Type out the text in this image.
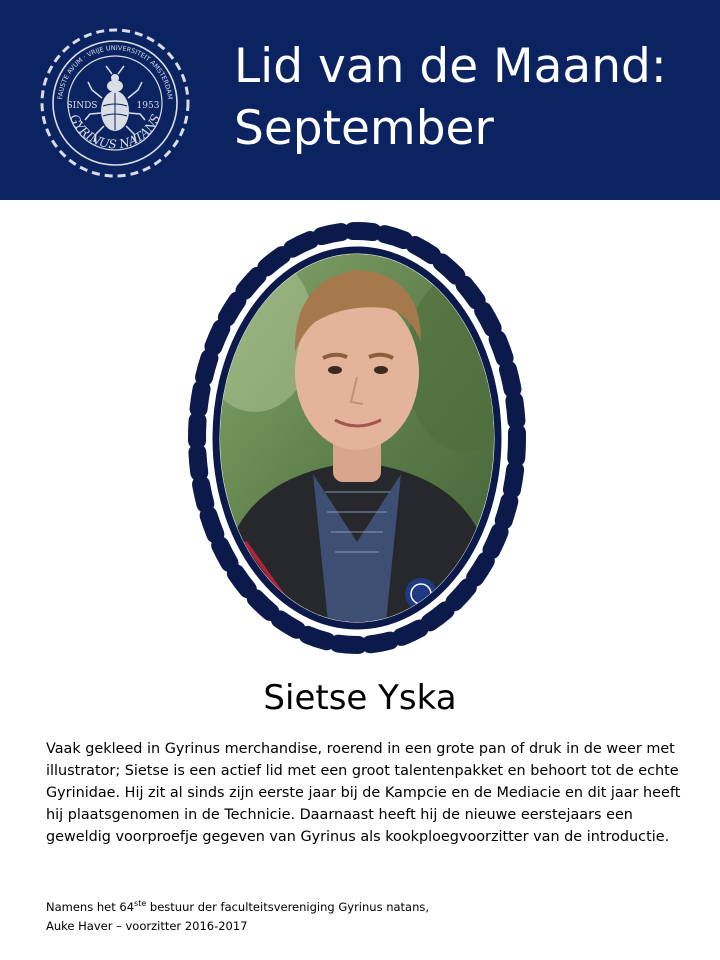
FAUSTE AVUM · VRIJE UNIVERSITEIT AMSTERDAM
GYRINUS NATANS
SINDS	1953
Lid van de Maand:
September
Sietse Yska
Vaak gekleed in Gyrinus merchandise, roerend in een grote pan of druk in de weer met illustrator; Sietse is een actief lid met een groot talentenpakket en behoort tot de echte Gyrinidae. Hij zit al sinds zijn eerste jaar bij de Kampcie en de Mediacie en dit jaar heeft hij plaatsgenomen in de Technicie. Daarnaast heeft hij de nieuwe eerstejaars een geweldig voorproefje gegeven van Gyrinus als kookploegvoorzitter van de introductie.
Namens het 64ste bestuur der faculteitsvereniging Gyrinus natans,
Auke Haver – voorzitter 2016-2017
